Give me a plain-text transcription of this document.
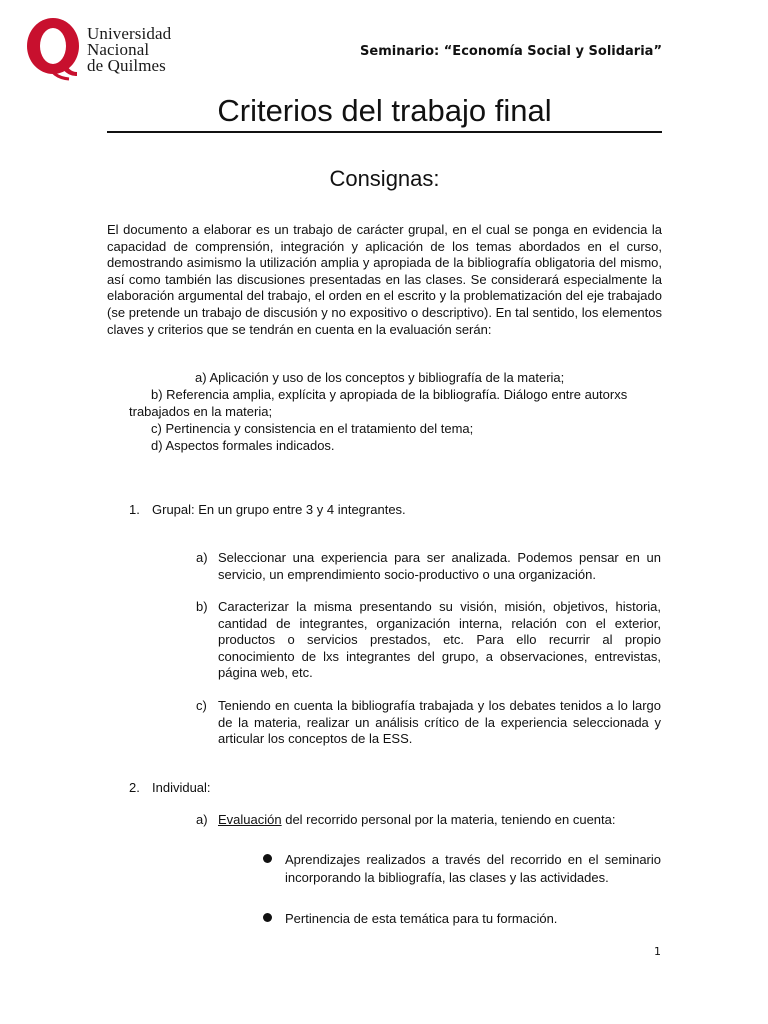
Universidad
Nacional
de Quilmes
Seminario: “Economía Social y Solidaria”
Criterios del trabajo final
Consignas:

El documento a elaborar es un trabajo de carácter grupal, en el cual se ponga en evidencia la capacidad de comprensión, integración y aplicación de los temas abordados en el curso, demostrando asimismo la utilización amplia y apropiada de la bibliografía obligatoria del mismo, así como también las discusiones presentadas en las clases. Se considerará especialmente la elaboración argumental del trabajo, el orden en el escrito y la problematización del eje trabajado (se pretende un trabajo de discusión y no expositivo o descriptivo). En tal sentido, los elementos claves y criterios que se tendrán en cuenta en la evaluación serán:

a) Aplicación y uso de los conceptos y bibliografía de la materia;
b) Referencia amplia, explícita y apropiada de la bibliografía. Diálogo entre autorxs trabajados en la materia;
c) Pertinencia y consistencia en el tratamiento del tema;
d) Aspectos formales indicados.
1. Grupal: En un grupo entre 3 y 4 integrantes.
a) Seleccionar una experiencia para ser analizada. Podemos pensar en un servicio, un emprendimiento socio-productivo o una organización.
b) Caracterizar la misma presentando su visión, misión, objetivos, historia, cantidad de integrantes, organización interna, relación con el exterior, productos o servicios prestados, etc. Para ello recurrir al propio conocimiento de lxs integrantes del grupo, a observaciones, entrevistas, página web, etc.
c) Teniendo en cuenta la bibliografía trabajada y los debates tenidos a lo largo de la materia, realizar un análisis crítico de la experiencia seleccionada y articular los conceptos de la ESS.
2. Individual:
a) Evaluación del recorrido personal por la materia, teniendo en cuenta:
Aprendizajes realizados a través del recorrido en el seminario incorporando la bibliografía, las clases y las actividades.
Pertinencia de esta temática para tu formación.
1
